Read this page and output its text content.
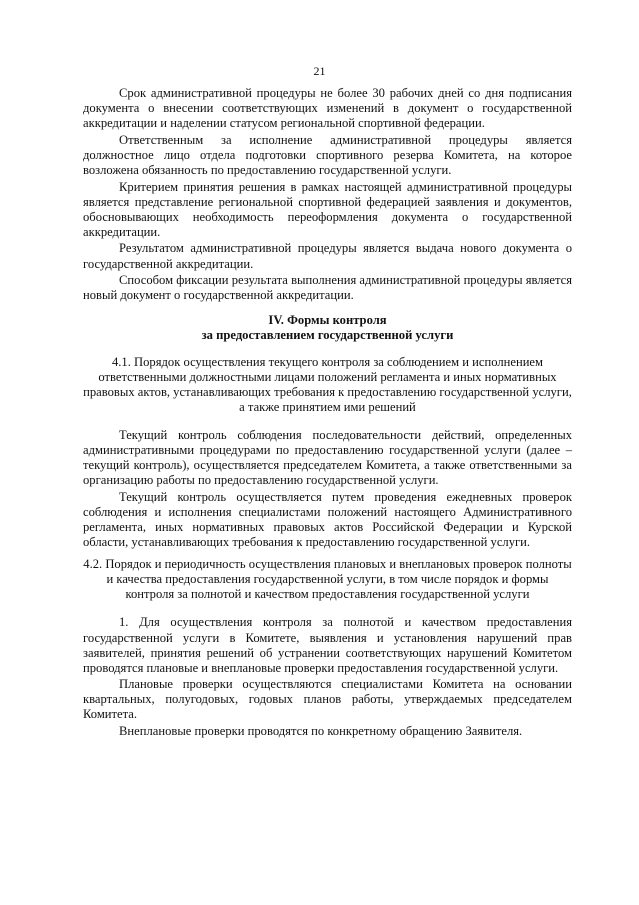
21

Срок административной процедуры не более 30 рабочих дней со дня подписания документа о внесении соответствующих изменений в документ о государственной аккредитации и наделении статусом региональной спортивной федерации.

Ответственным за исполнение административной процедуры является должностное лицо отдела подготовки спортивного резерва Комитета, на которое возложена обязанность по предоставлению государственной услуги.

Критерием принятия решения в рамках настоящей административной процедуры является представление региональной спортивной федерацией заявления и документов, обосновывающих необходимость переоформления документа о государственной аккредитации.

Результатом административной процедуры является выдача нового документа о государственной аккредитации.

Способом фиксации результата выполнения административной процедуры является новый документ о государственной аккредитации.

IV. Формы контроля

за предоставлением государственной услуги

4.1. Порядок осуществления текущего контроля за соблюдением и исполнением ответственными должностными лицами положений регламента и иных нормативных правовых актов, устанавливающих требования к предоставлению государственной услуги, а также принятием ими решений

Текущий контроль соблюдения последовательности действий, определенных административными процедурами по предоставлению государственной услуги (далее – текущий контроль), осуществляется председателем Комитета, а также ответственными за организацию работы по предоставлению государственной услуги.

Текущий контроль осуществляется путем проведения ежедневных проверок соблюдения и исполнения специалистами положений настоящего Административного регламента, иных нормативных правовых актов Российской Федерации и Курской области, устанавливающих требования к предоставлению государственной услуги.

4.2. Порядок и периодичность осуществления плановых и внеплановых проверок полноты и качества предоставления государственной услуги, в том числе порядок и формы контроля за полнотой и качеством предоставления государственной услуги

1. Для осуществления контроля за полнотой и качеством предоставления государственной услуги в Комитете, выявления и установления нарушений прав заявителей, принятия решений об устранении соответствующих нарушений Комитетом проводятся плановые и внеплановые проверки предоставления государственной услуги.

Плановые проверки осуществляются специалистами Комитета на основании квартальных, полугодовых, годовых планов работы, утверждаемых председателем Комитета.

Внеплановые проверки проводятся по конкретному обращению Заявителя.
